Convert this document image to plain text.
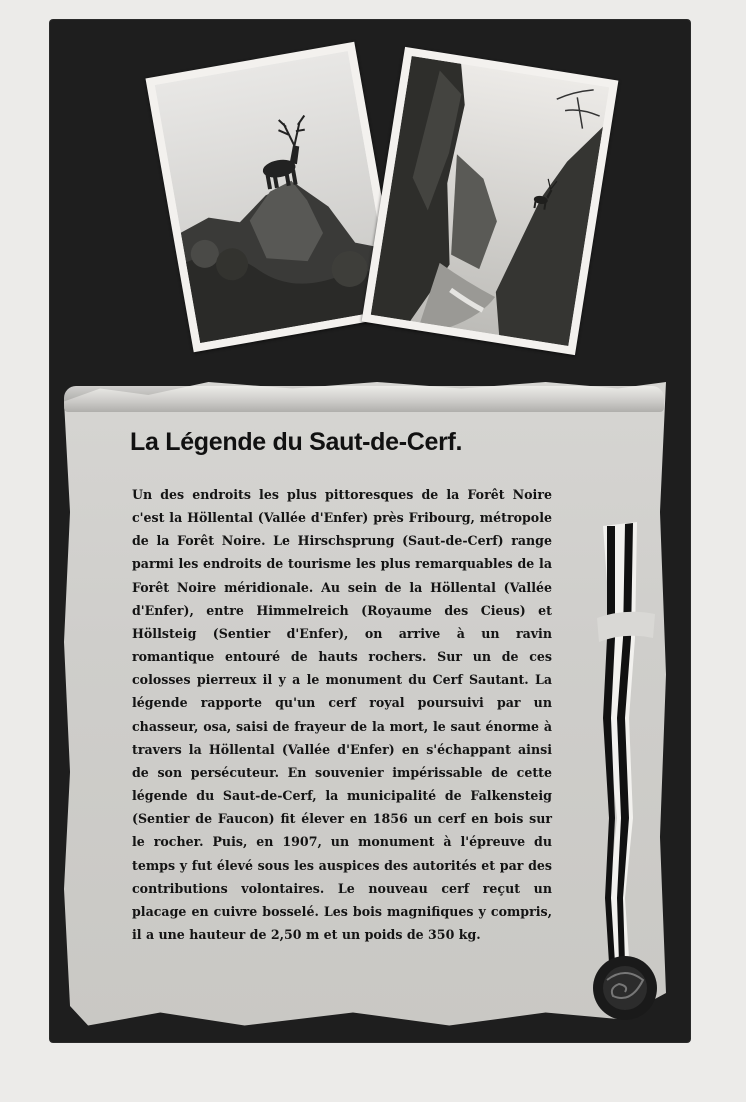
La Légende du Saut-de-Cerf.
Un des endroits les plus pittoresques de la Forêt Noire c'est la Höllental (Vallée d'Enfer) près Fribourg, métropole de la Forêt Noire. Le Hirschsprung (Saut-de-Cerf) range parmi les endroits de tourisme les plus remarquables de la Forêt Noire méridionale. Au sein de la Höllental (Vallée d'Enfer), entre Himmelreich (Royaume des Cieus) et Höllsteig (Sentier d'Enfer), on arrive à un ravin romantique entouré de hauts rochers. Sur un de ces colosses pierreux il y a le monument du Cerf Sautant. La légende rapporte qu'un cerf royal poursuivi par un chasseur, osa, saisi de frayeur de la mort, le saut énorme à travers la Höllental (Vallée d'Enfer) en s'échappant ainsi de son persécuteur. En souvenier impérissable de cette légende du Saut-de-Cerf, la municipalité de Falkensteig (Sentier de Faucon) fit élever en 1856 un cerf en bois sur le rocher. Puis, en 1907, un monument à l'épreuve du temps y fut élevé sous les auspices des autorités et par des contributions volontaires. Le nouveau cerf reçut un placage en cuivre bosselé. Les bois magnifiques y compris, il a une hauteur de 2,50 m et un poids de 350 kg.
